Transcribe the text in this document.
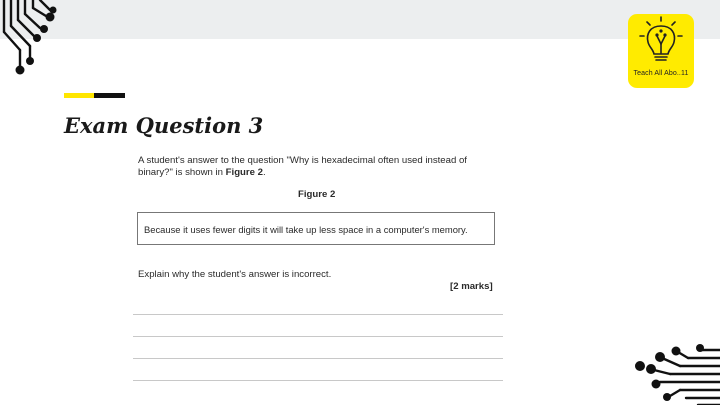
Teach All Abo..11
Exam Question 3
A student's answer to the question "Why is hexadecimal often used instead of binary?" is shown in Figure 2.
Figure 2
Because it uses fewer digits it will take up less space in a computer's memory.
Explain why the student's answer is incorrect.
[2 marks]
